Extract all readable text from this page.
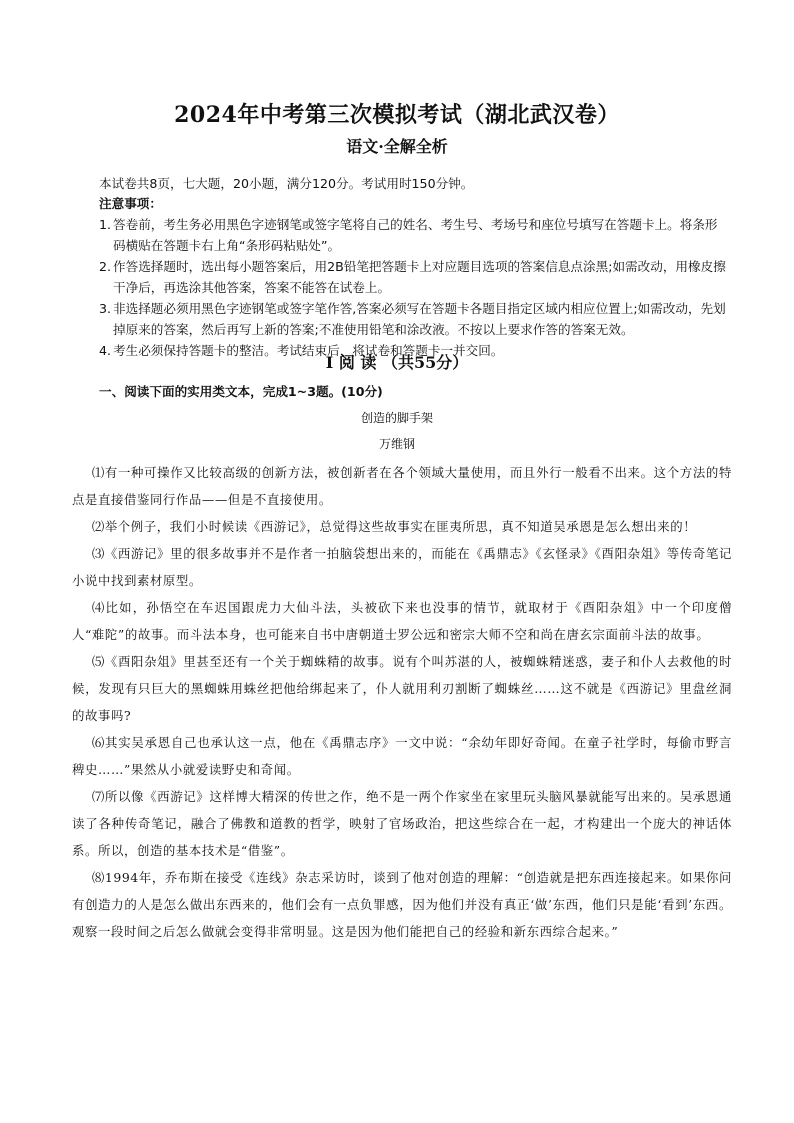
2024年中考第三次模拟考试（湖北武汉卷）
语文·全解全析
本试卷共8页，七大题，20小题，满分120分。考试用时150分钟。
注意事项：
1. 答卷前，考生务必用黑色字迹钢笔或签字笔将自己的姓名、考生号、考场号和座位号填写在答题卡上。将条形码横贴在答题卡右上角“条形码粘贴处”。
2. 作答选择题时，选出每小题答案后，用2B铅笔把答题卡上对应题目选项的答案信息点涂黑;如需改动，用橡皮擦干净后，再选涂其他答案，答案不能答在试卷上。
3. 非选择题必须用黑色字迹钢笔或签字笔作答,答案必须写在答题卡各题目指定区域内相应位置上;如需改动，先划掉原来的答案，然后再写上新的答案;不准使用铅笔和涂改液。不按以上要求作答的答案无效。
4. 考生必须保持答题卡的整洁。考试结束后，将试卷和答题卡一并交回。
I 阅 读 （共55分）
一、阅读下面的实用类文本，完成1~3题。(10分)
创造的脚手架
万维钢

⑴有一种可操作又比较高级的创新方法，被创新者在各个领域大量使用，而且外行一般看不出来。这个方法的特点是直接借鉴同行作品——但是不直接使用。

⑵举个例子，我们小时候读《西游记》，总觉得这些故事实在匪夷所思，真不知道吴承恩是怎么想出来的！

⑶《西游记》里的很多故事并不是作者一拍脑袋想出来的，而能在《禹鼎志》《玄怪录》《酉阳杂俎》等传奇笔记小说中找到素材原型。

⑷比如，孙悟空在车迟国跟虎力大仙斗法，头被砍下来也没事的情节，就取材于《酉阳杂俎》中一个印度僧人“难陀”的故事。而斗法本身，也可能来自书中唐朝道士罗公远和密宗大师不空和尚在唐玄宗面前斗法的故事。

⑸《酉阳杂俎》里甚至还有一个关于蜘蛛精的故事。说有个叫苏湛的人，被蜘蛛精迷惑，妻子和仆人去救他的时候，发现有只巨大的黑蜘蛛用蛛丝把他给绑起来了，仆人就用利刃割断了蜘蛛丝……这不就是《西游记》里盘丝洞的故事吗?

⑹其实吴承恩自己也承认这一点，他在《禹鼎志序》一文中说：“余幼年即好奇闻。在童子社学时，每偷市野言稗史……”果然从小就爱读野史和奇闻。

⑺所以像《西游记》这样博大精深的传世之作，绝不是一两个作家坐在家里玩头脑风暴就能写出来的。吴承恩通读了各种传奇笔记，融合了佛教和道教的哲学，映射了官场政治，把这些综合在一起，才构建出一个庞大的神话体系。所以，创造的基本技术是“借鉴”。

⑻1994年，乔布斯在接受《连线》杂志采访时，谈到了他对创造的理解：“创造就是把东西连接起来。如果你问有创造力的人是怎么做出东西来的，他们会有一点负罪感，因为他们并没有真正‘做’东西，他们只是能‘看到’东西。观察一段时间之后怎么做就会变得非常明显。这是因为他们能把自己的经验和新东西综合起来。”
